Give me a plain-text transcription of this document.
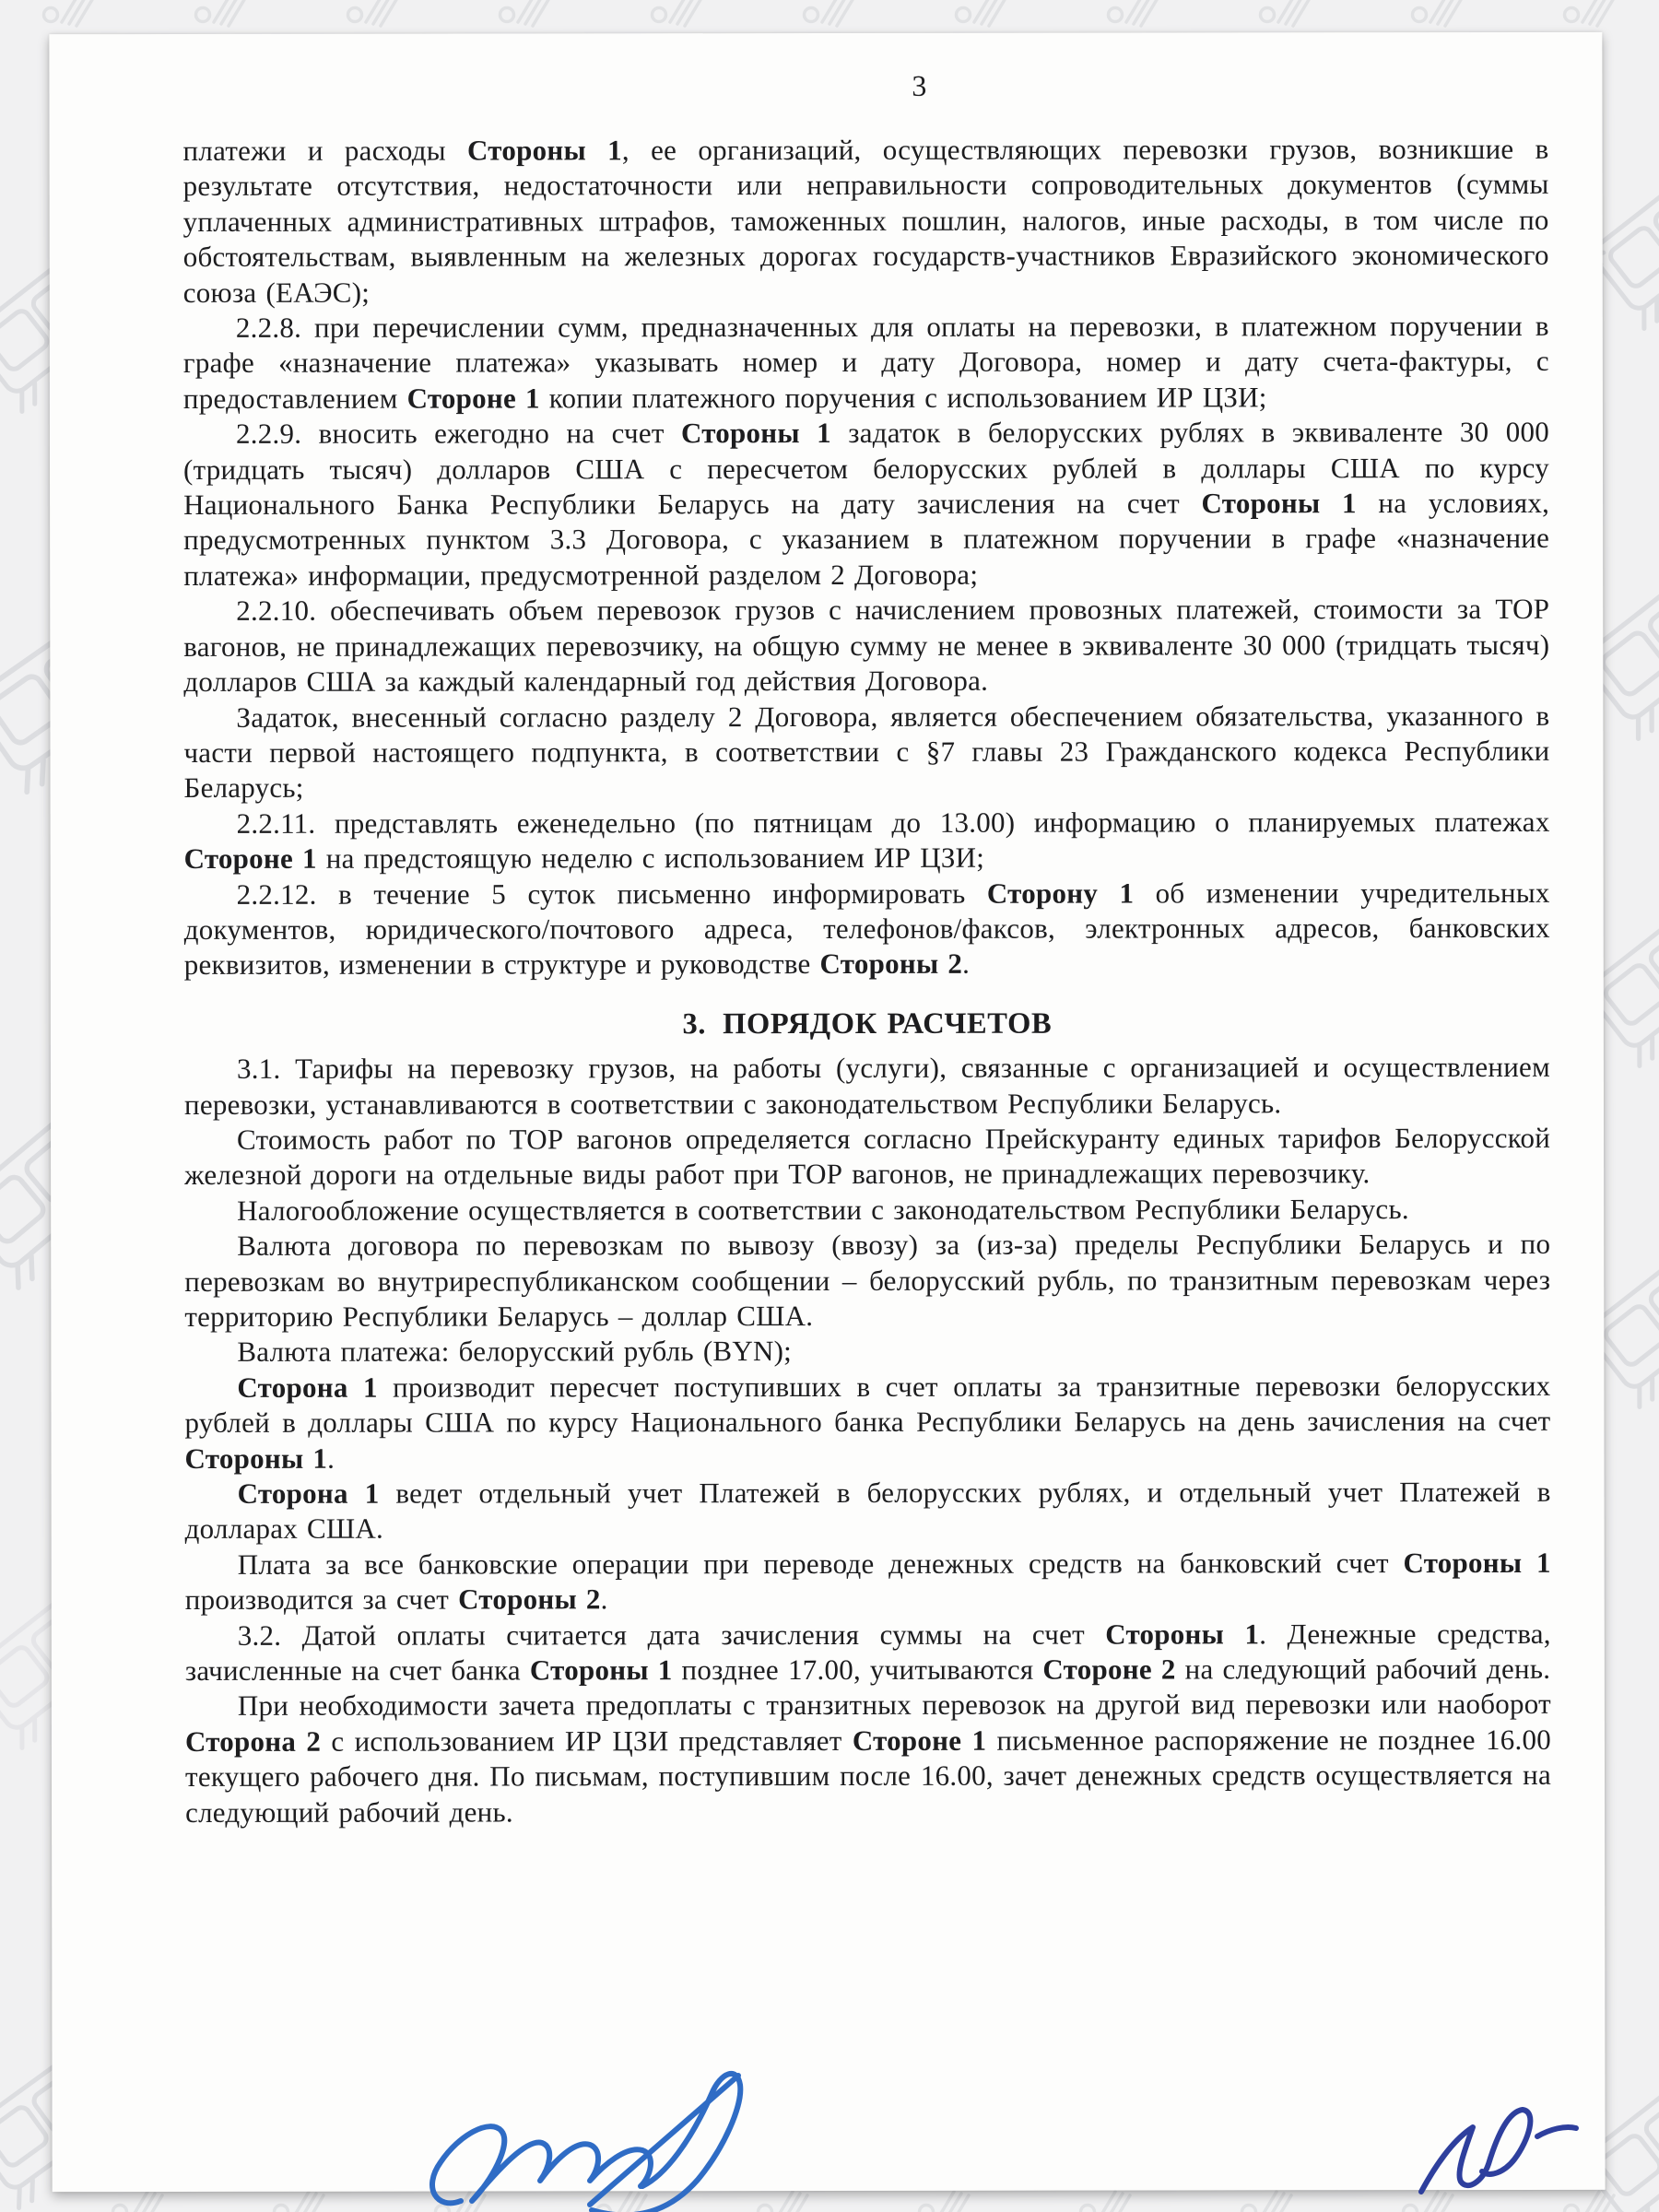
3

платежи и расходы Стороны 1, ее организаций, осуществляющих перевозки грузов, возникшие в результате отсутствия, недостаточности или неправильности сопроводительных документов (суммы уплаченных административных штрафов, таможенных пошлин, налогов, иные расходы, в том числе по обстоятельствам, выявленным на железных дорогах государств-участников Евразийского экономического союза (ЕАЭС);

2.2.8. при перечислении сумм, предназначенных для оплаты на перевозки, в платежном поручении в графе «назначение платежа» указывать номер и дату Договора, номер и дату счета-фактуры, с предоставлением Стороне 1 копии платежного поручения с использованием ИР ЦЗИ;

2.2.9. вносить ежегодно на счет Стороны 1 задаток в белорусских рублях в эквиваленте 30 000 (тридцать тысяч) долларов США с пересчетом белорусских рублей в доллары США по курсу Национального Банка Республики Беларусь на дату зачисления на счет Стороны 1 на условиях, предусмотренных пунктом 3.3 Договора, с указанием в платежном поручении в графе «назначение платежа» информации, предусмотренной разделом 2 Договора;

2.2.10. обеспечивать объем перевозок грузов с начислением провозных платежей, стоимости за ТОР вагонов, не принадлежащих перевозчику, на общую сумму не менее в эквиваленте 30 000 (тридцать тысяч) долларов США за каждый календарный год действия Договора.

Задаток, внесенный согласно разделу 2 Договора, является обеспечением обязательства, указанного в части первой настоящего подпункта, в соответствии с §7 главы 23 Гражданского кодекса Республики Беларусь;

2.2.11. представлять еженедельно (по пятницам до 13.00) информацию о планируемых платежах Стороне 1 на предстоящую неделю с использованием ИР ЦЗИ;

2.2.12. в течение 5 суток письменно информировать Сторону 1 об изменении учредительных документов, юридического/почтового адреса, телефонов/факсов, электронных адресов, банковских реквизитов, изменении в структуре и руководстве Стороны 2.

3. ПОРЯДОК РАСЧЕТОВ

3.1. Тарифы на перевозку грузов, на работы (услуги), связанные с организацией и осуществлением перевозки, устанавливаются в соответствии с законодательством Республики Беларусь.

Стоимость работ по ТОР вагонов определяется согласно Прейскуранту единых тарифов Белорусской железной дороги на отдельные виды работ при ТОР вагонов, не принадлежащих перевозчику.

Налогообложение осуществляется в соответствии с законодательством Республики Беларусь.

Валюта договора по перевозкам по вывозу (ввозу) за (из-за) пределы Республики Беларусь и по перевозкам во внутриреспубликанском сообщении – белорусский рубль, по транзитным перевозкам через территорию Республики Беларусь – доллар США.

Валюта платежа: белорусский рубль (BYN);

Сторона 1 производит пересчет поступивших в счет оплаты за транзитные перевозки белорусских рублей в доллары США по курсу Национального банка Республики Беларусь на день зачисления на счет Стороны 1.

Сторона 1 ведет отдельный учет Платежей в белорусских рублях, и отдельный учет Платежей в долларах США.

Плата за все банковские операции при переводе денежных средств на банковский счет Стороны 1 производится за счет Стороны 2.

3.2. Датой оплаты считается дата зачисления суммы на счет Стороны 1. Денежные средства, зачисленные на счет банка Стороны 1 позднее 17.00, учитываются Стороне 2 на следующий рабочий день.

При необходимости зачета предоплаты с транзитных перевозок на другой вид перевозки или наоборот Сторона 2 с использованием ИР ЦЗИ представляет Стороне 1 письменное распоряжение не позднее 16.00 текущего рабочего дня. По письмам, поступившим после 16.00, зачет денежных средств осуществляется на следующий рабочий день.
